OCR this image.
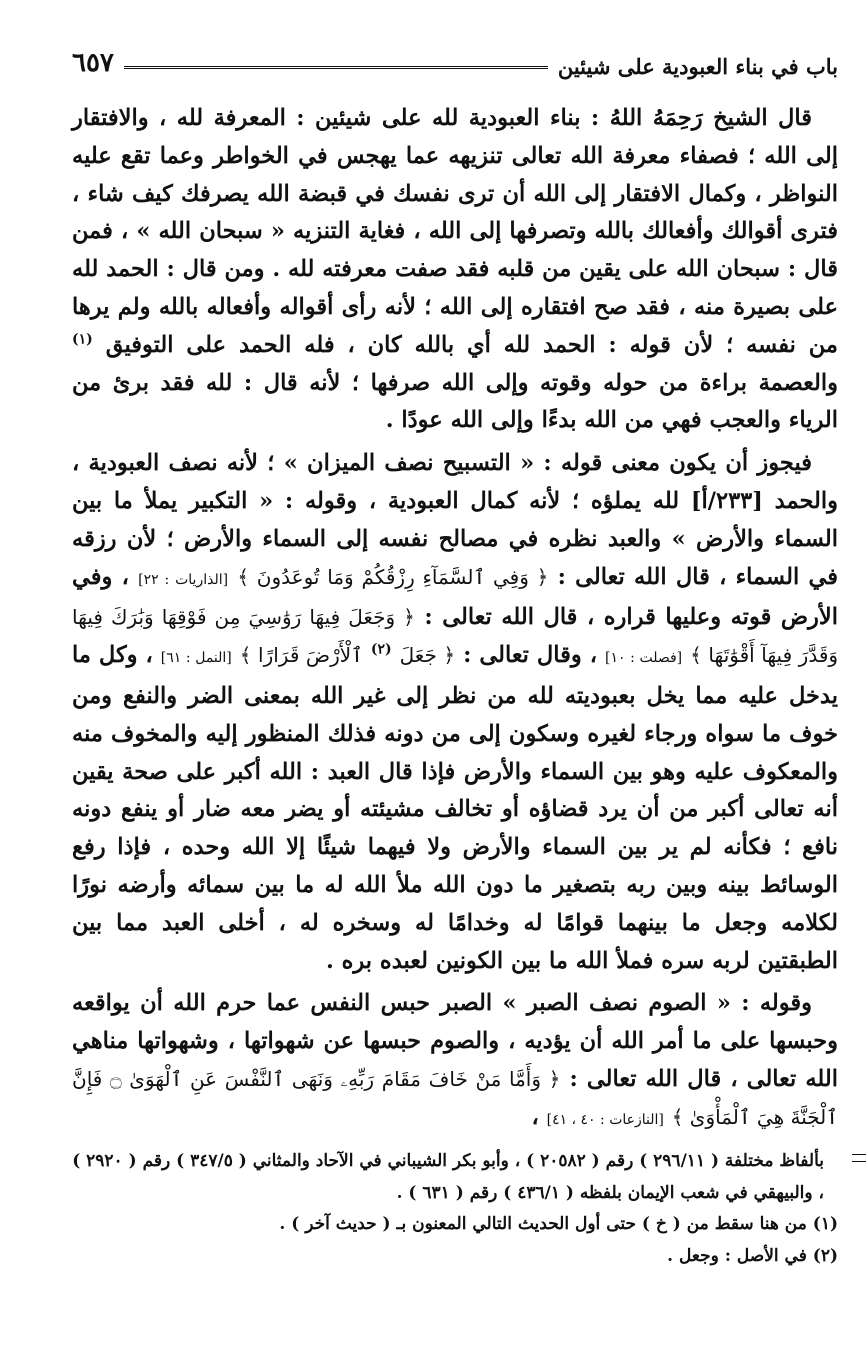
باب في بناء العبودية على شيئين
٦٥٧

قال الشيخ رَحِمَهُ اللهُ : بناء العبودية لله على شيئين : المعرفة لله ، والافتقار إلى الله ؛ فصفاء معرفة الله تعالى تنزيهه عما يهجس في الخواطر وعما تقع عليه النواظر ، وكمال الافتقار إلى الله أن ترى نفسك في قبضة الله يصرفك كيف شاء ، فترى أقوالك وأفعالك بالله وتصرفها إلى الله ، فغاية التنزيه « سبحان الله » ، فمن قال : سبحان الله على يقين من قلبه فقد صفت معرفته لله . ومن قال : الحمد لله على بصيرة منه ، فقد صح افتقاره إلى الله ؛ لأنه رأى أقواله وأفعاله بالله ولم يرها من نفسه ؛ لأن قوله : الحمد لله أي بالله كان ، فله الحمد على التوفيق $^{(١)}$ والعصمة براءة من حوله وقوته وإلى الله صرفها ؛ لأنه قال : لله فقد برئ من الرياء والعجب فهي من الله بدءًا وإلى الله عودًا .

فيجوز أن يكون معنى قوله : « التسبيح نصف الميزان » ؛ لأنه نصف العبودية ، والحمد [٢٣٣/أ] لله يملؤه ؛ لأنه كمال العبودية ، وقوله : « التكبير يملأ ما بين السماء والأرض » والعبد نظره في مصالح نفسه إلى السماء والأرض ؛ لأن رزقه في السماء ، قال الله تعالى : ﴿ وَفِي ٱلسَّمَآءِ رِزْقُكُمْ وَمَا تُوعَدُونَ ﴾ [الذاريات : ٢٢] ، وفي الأرض قوته وعليها قراره ، قال الله تعالى : ﴿ وَجَعَلَ فِيهَا رَوَٰسِيَ مِن فَوْقِهَا وَبَٰرَكَ فِيهَا وَقَدَّرَ فِيهَآ أَقْوَٰتَهَا ﴾ [فصلت : ١٠] ، وقال تعالى : ﴿ جَعَلَ $^{(٢)}$ ٱلْأَرْضَ قَرَارًا ﴾ [النمل : ٦١] ، وكل ما يدخل عليه مما يخل بعبوديته لله من نظر إلى غير الله بمعنى الضر والنفع ومن خوف ما سواه ورجاء لغيره وسكون إلى من دونه فذلك المنظور إليه والمخوف منه والمعكوف عليه وهو بين السماء والأرض فإذا قال العبد : الله أكبر على صحة يقين أنه تعالى أكبر من أن يرد قضاؤه أو تخالف مشيئته أو يضر معه ضار أو ينفع دونه نافع ؛ فكأنه لم ير بين السماء والأرض ولا فيهما شيئًا إلا الله وحده ، فإذا رفع الوسائط بينه وبين ربه بتصغير ما دون الله ملأ الله له ما بين سمائه وأرضه نورًا لكلامه وجعل ما بينهما قوامًا له وخدامًا له وسخره له ، أخلى العبد مما بين الطبقتين لربه سره فملأ الله ما بين الكونين لعبده بره .

وقوله : « الصوم نصف الصبر » الصبر حبس النفس عما حرم الله أن يواقعه وحبسها على ما أمر الله أن يؤديه ، والصوم حبسها عن شهواتها ، وشهواتها مناهي الله تعالى ، قال الله تعالى : ﴿ وَأَمَّا مَنْ خَافَ مَقَامَ رَبِّهِۦ وَنَهَى ٱلنَّفْسَ عَنِ ٱلْهَوَىٰ ۝ فَإِنَّ ٱلْجَنَّةَ هِيَ ٱلْمَأْوَىٰ ﴾ [النازعات : ٤٠ ، ٤١] ،

بألفاظ مختلفة ( ٢٩٦/١١ ) رقم ( ٢٠٥٨٢ ) ، وأبو بكر الشيباني في الآحاد والمثاني ( ٣٤٧/٥ ) رقم ( ٢٩٢٠ ) ، والبيهقي في شعب الإيمان بلفظه ( ٤٣٦/١ ) رقم ( ٦٣١ ) .

(١) من هنا سقط من ( خ ) حتى أول الحديث التالي المعنون بـ ( حديث آخر ) .

(٢) في الأصل : وجعل .
